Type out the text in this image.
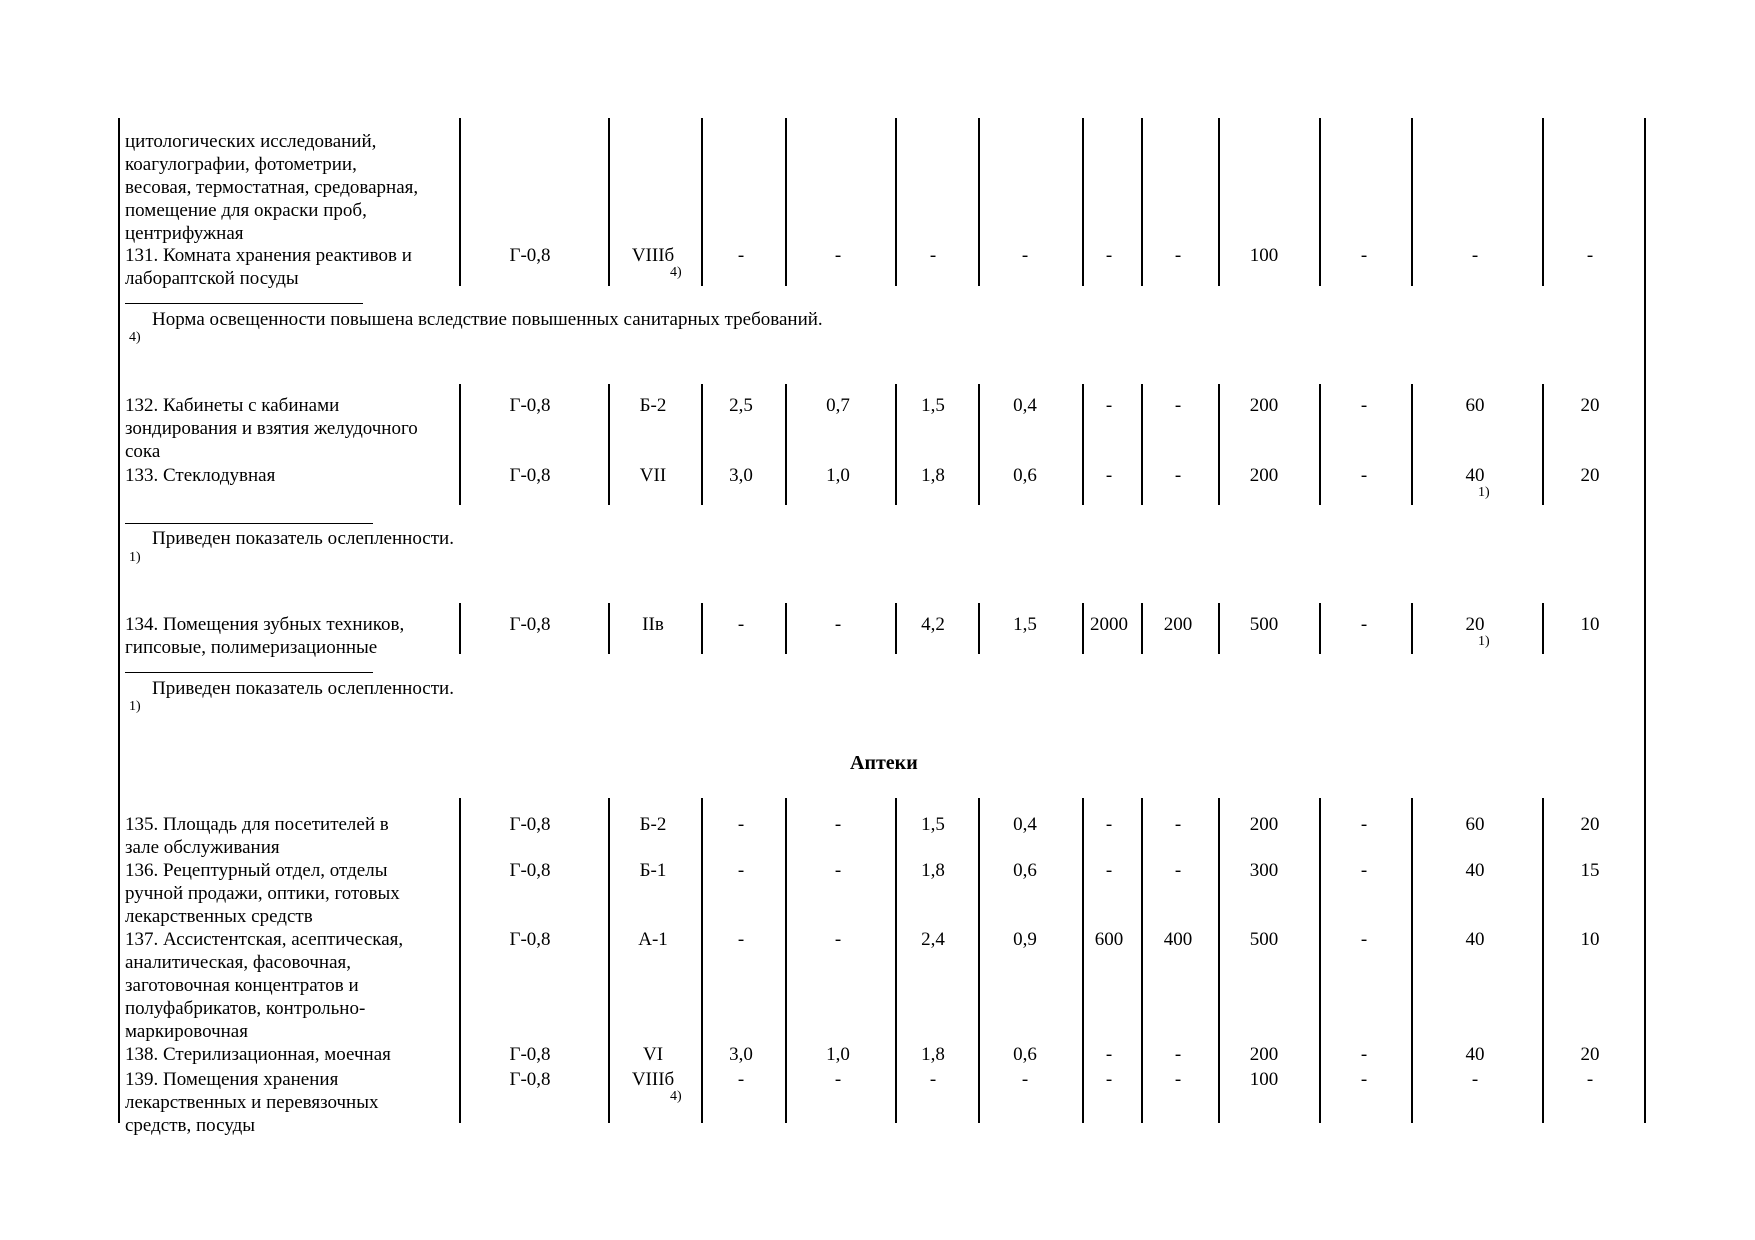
цитологических исследований,
коагулографии, фотометрии,
весовая, термостатная, средоварная,
помещение для окраски проб,
центрифужная
131. Комната хранения реактивов и
лабораптской посуды
Г-0,8	VIIIб	-	-	-	-	-	-	100	-	-	-
4)
132. Кабинеты с кабинами
зондирования и взятия желудочного
сока
Г-0,8	Б-2	2,5	0,7	1,5	0,4	-	-	200	-	60	20
133. Стеклодувная	Г-0,8	VII	3,0	1,0	1,8	0,6	-	-	200	-	40	20
1)
134. Помещения зубных техников,
гипсовые, полимеризационные
Г-0,8	IIв	-	-	4,2	1,5	2000	200	500	-	20	10
1)
135. Площадь для посетителей в
зале обслуживания
Г-0,8	Б-2	-	-	1,5	0,4	-	-	200	-	60	20
136. Рецептурный отдел, отделы
ручной продажи, оптики, готовых
лекарственных средств
Г-0,8	Б-1	-	-	1,8	0,6	-	-	300	-	40	15
137. Ассистентская, асептическая,
аналитическая, фасовочная,
заготовочная концентратов и
полуфабрикатов, контрольно-
маркировочная
Г-0,8	А-1	-	-	2,4	0,9	600	400	500	-	40	10
138. Стерилизационная, моечная	Г-0,8	VI	3,0	1,0	1,8	0,6	-	-	200	-	40	20
139. Помещения хранения
лекарственных и перевязочных
средств, посуды
Г-0,8	VIIIб	-	-	-	-	-	-	100	-	-	-
4)
Норма освещенности повышена вследствие повышенных санитарных требований.
4)
Приведен показатель ослепленности.
1)
Приведен показатель ослепленности.
1)
Аптеки
